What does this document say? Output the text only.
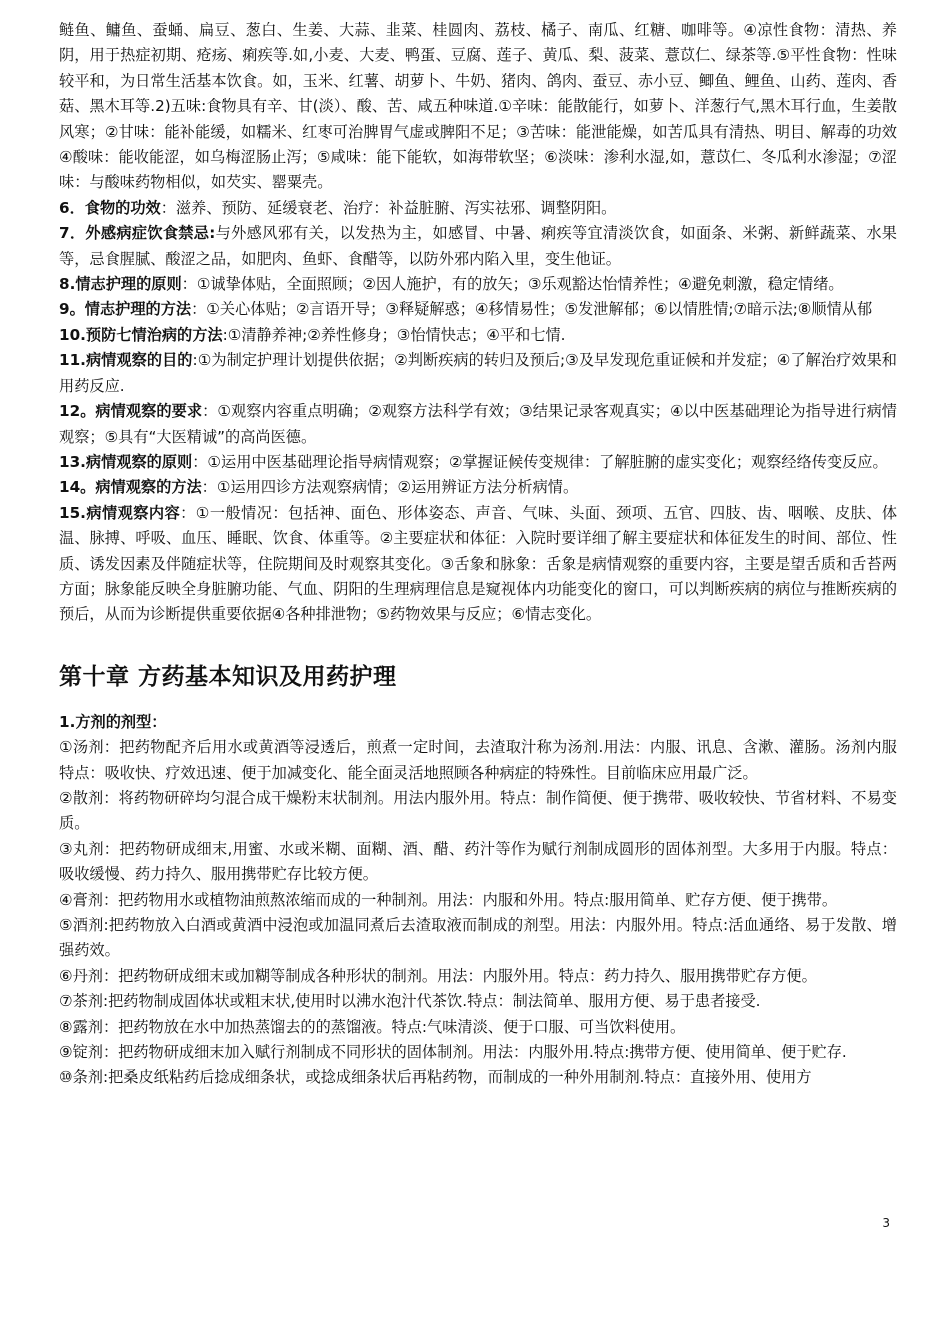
鲢鱼、鳙鱼、蚕蛹、扁豆、葱白、生姜、大蒜、韭菜、桂圆肉、荔枝、橘子、南瓜、红糖、咖啡等。④凉性食物：清热、养阴，用于热症初期、疮疡、痢疾等.如,小麦、大麦、鸭蛋、豆腐、莲子、黄瓜、梨、菠菜、薏苡仁、绿茶等.⑤平性食物：性味较平和，为日常生活基本饮食。如，玉米、红薯、胡萝卜、牛奶、猪肉、鸽肉、蚕豆、赤小豆、鲫鱼、鲤鱼、山药、莲肉、香菇、黑木耳等.2)五味:食物具有辛、甘(淡）、酸、苦、咸五种味道.①辛味：能散能行，如萝卜、洋葱行气,黑木耳行血，生姜散风寒；②甘味：能补能缓，如糯米、红枣可治脾胃气虚或脾阳不足；③苦味：能泄能燥，如苦瓜具有清热、明目、解毒的功效④酸味：能收能涩，如乌梅涩肠止泻；⑤咸味：能下能软，如海带软坚；⑥淡味：渗利水湿,如，薏苡仁、冬瓜利水渗湿；⑦涩味：与酸味药物相似，如芡实、罂粟壳。

6．食物的功效：滋养、预防、延缓衰老、治疗：补益脏腑、泻实祛邪、调整阴阳。

7．外感病症饮食禁忌:与外感风邪有关，以发热为主，如感冒、中暑、痢疾等宜清淡饮食，如面条、米粥、新鲜蔬菜、水果等，忌食腥腻、酸涩之品，如肥肉、鱼虾、食醋等，以防外邪内陷入里，变生他证。

8.情志护理的原则：①诚挚体贴，全面照顾；②因人施护，有的放矢；③乐观豁达怡情养性；④避免刺激，稳定情绪。

9。情志护理的方法：①关心体贴；②言语开导；③释疑解惑；④移情易性；⑤发泄解郁；⑥以情胜情;⑦暗示法;⑧顺情从郁

10.预防七情治病的方法:①清静养神;②养性修身；③怡情快志；④平和七情.

11.病情观察的目的:①为制定护理计划提供依据；②判断疾病的转归及预后;③及早发现危重证候和并发症；④了解治疗效果和用药反应.

12。病情观察的要求：①观察内容重点明确；②观察方法科学有效；③结果记录客观真实；④以中医基础理论为指导进行病情观察；⑤具有“大医精诚”的高尚医德。

13.病情观察的原则：①运用中医基础理论指导病情观察；②掌握证候传变规律：了解脏腑的虚实变化；观察经络传变反应。

14。病情观察的方法：①运用四诊方法观察病情；②运用辨证方法分析病情。

15.病情观察内容：①一般情况：包括神、面色、形体姿态、声音、气味、头面、颈项、五官、四肢、齿、咽喉、皮肤、体温、脉搏、呼吸、血压、睡眠、饮食、体重等。②主要症状和体征：入院时要详细了解主要症状和体征发生的时间、部位、性质、诱发因素及伴随症状等，住院期间及时观察其变化。③舌象和脉象：舌象是病情观察的重要内容，主要是望舌质和舌苔两方面；脉象能反映全身脏腑功能、气血、阴阳的生理病理信息是窥视体内功能变化的窗口，可以判断疾病的病位与推断疾病的预后，从而为诊断提供重要依据④各种排泄物；⑤药物效果与反应；⑥情志变化。

第十章 方药基本知识及用药护理
1.方剂的剂型：

①汤剂：把药物配齐后用水或黄酒等浸透后，煎煮一定时间，去渣取汁称为汤剂.用法：内服、讯息、含漱、灌肠。汤剂内服特点：吸收快、疗效迅速、便于加减变化、能全面灵活地照顾各种病症的特殊性。目前临床应用最广泛。

②散剂：将药物研碎均匀混合成干燥粉末状制剂。用法内服外用。特点：制作简便、便于携带、吸收较快、节省材料、不易变质。

③丸剂：把药物研成细末,用蜜、水或米糊、面糊、酒、醋、药汁等作为赋行剂制成圆形的固体剂型。大多用于内服。特点：吸收缓慢、药力持久、服用携带贮存比较方便。

④膏剂：把药物用水或植物油煎熬浓缩而成的一种制剂。用法：内服和外用。特点:服用简单、贮存方便、便于携带。

⑤酒剂:把药物放入白酒或黄酒中浸泡或加温同煮后去渣取液而制成的剂型。用法：内服外用。特点:活血通络、易于发散、增强药效。

⑥丹剂：把药物研成细末或加糊等制成各种形状的制剂。用法：内服外用。特点：药力持久、服用携带贮存方便。

⑦茶剂:把药物制成固体状或粗末状,使用时以沸水泡汁代茶饮.特点：制法简单、服用方便、易于患者接受.

⑧露剂：把药物放在水中加热蒸馏去的的蒸馏液。特点:气味清淡、便于口服、可当饮料使用。

⑨锭剂：把药物研成细末加入赋行剂制成不同形状的固体制剂。用法：内服外用.特点:携带方便、使用简单、便于贮存.

⑩条剂:把桑皮纸粘药后捻成细条状，或捻成细条状后再粘药物，而制成的一种外用制剂.特点：直接外用、使用方

3
